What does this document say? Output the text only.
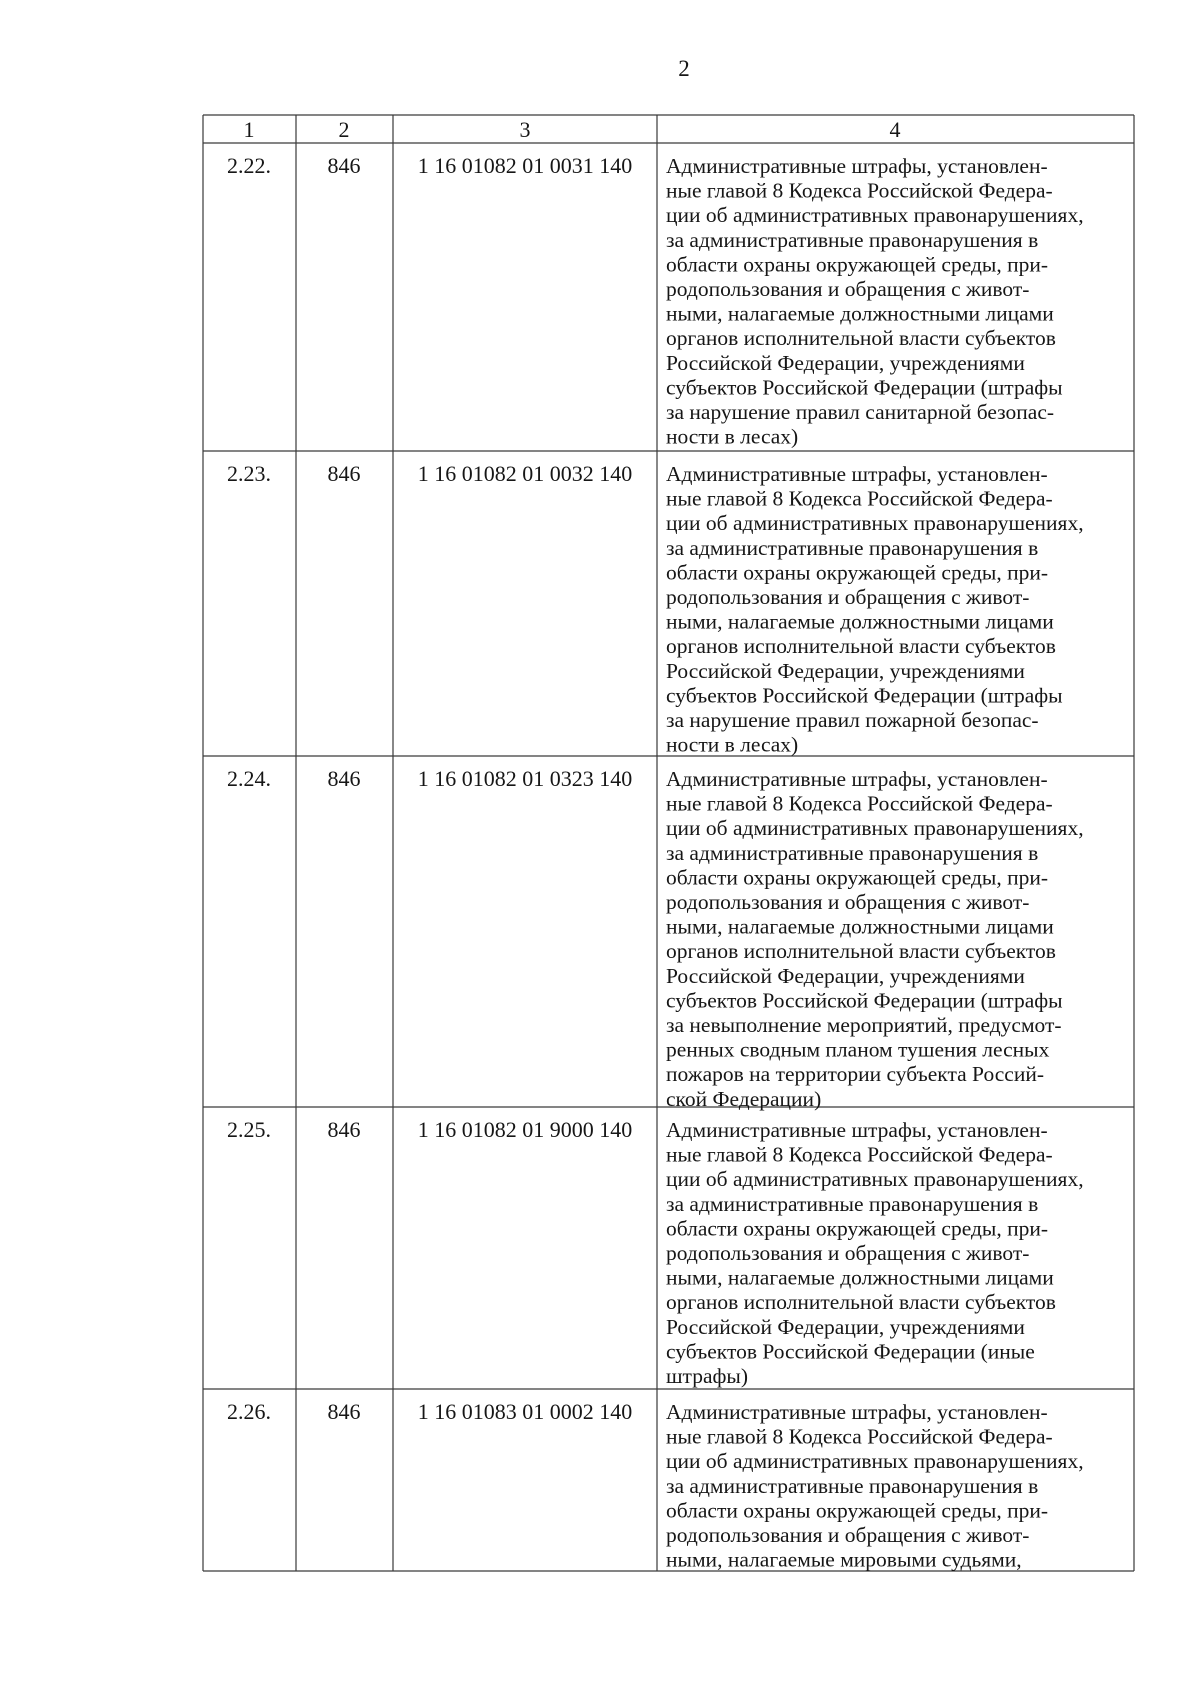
2
1	2	3	4
2.22.	846	1 16 01082 01 0031 140 Административные штрафы, установлен-
ные главой 8 Кодекса Российской Федера-
ции об административных правонарушениях,
за административные правонарушения в
области охраны окружающей среды, при-
родопользования и обращения с живот-
ными, налагаемые должностными лицами
органов исполнительной власти субъектов
Российской Федерации, учреждениями
субъектов Российской Федерации (штрафы
за нарушение правил санитарной безопас-
ности в лесах)
2.23.	846	1 16 01082 01 0032 140 Административные штрафы, установлен-
ные главой 8 Кодекса Российской Федера-
ции об административных правонарушениях,
за административные правонарушения в
области охраны окружающей среды, при-
родопользования и обращения с живот-
ными, налагаемые должностными лицами
органов исполнительной власти субъектов
Российской Федерации, учреждениями
субъектов Российской Федерации (штрафы
за нарушение правил пожарной безопас-
ности в лесах)
2.24.	846	1 16 01082 01 0323 140 Административные штрафы, установлен-
ные главой 8 Кодекса Российской Федера-
ции об административных правонарушениях,
за административные правонарушения в
области охраны окружающей среды, при-
родопользования и обращения с живот-
ными, налагаемые должностными лицами
органов исполнительной власти субъектов
Российской Федерации, учреждениями
субъектов Российской Федерации (штрафы
за невыполнение мероприятий, предусмот-
ренных сводным планом тушения лесных
пожаров на территории субъекта Россий-
ской Федерации)
2.25.	846	1 16 01082 01 9000 140 Административные штрафы, установлен-
ные главой 8 Кодекса Российской Федера-
ции об административных правонарушениях,
за административные правонарушения в
области охраны окружающей среды, при-
родопользования и обращения с живот-
ными, налагаемые должностными лицами
органов исполнительной власти субъектов
Российской Федерации, учреждениями
субъектов Российской Федерации (иные
штрафы)
2.26.	846	1 16 01083 01 0002 140 Административные штрафы, установлен-
ные главой 8 Кодекса Российской Федера-
ции об административных правонарушениях,
за административные правонарушения в
области охраны окружающей среды, при-
родопользования и обращения с живот-
ными, налагаемые мировыми судьями,
